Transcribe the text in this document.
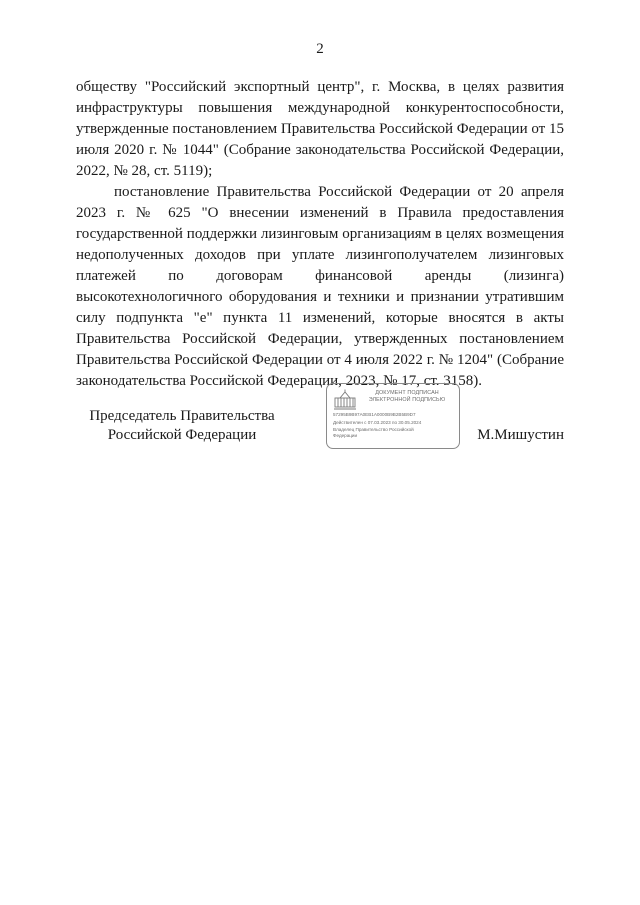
2

обществу "Российский экспортный центр", г. Москва, в целях развития инфраструктуры повышения международной конкурентоспособности, утвержденные постановлением Правительства Российской Федерации от 15 июля 2020 г. № 1044" (Собрание законодательства Российской Федерации, 2022, № 28, ст. 5119);

постановление Правительства Российской Федерации от 20 апреля 2023 г. № 625 "О внесении изменений в Правила предоставления государственной поддержки лизинговым организациям в целях возмещения недополученных доходов при уплате лизингополучателем лизинговых платежей по договорам финансовой аренды (лизинга) высокотехнологичного оборудования и техники и признании утратившим силу подпункта "е" пункта 11 изменений, которые вносятся в акты Правительства Российской Федерации, утвержденных постановлением Правительства Российской Федерации от 4 июля 2022 г. № 1204" (Собрание законодательства Российской Федерации, 2023, № 17, ст. 3158).

Председатель Правительства
Российской Федерации
ДОКУМЕНТ ПОДПИСАН
ЭЛЕКТРОННОЙ ПОДПИСЬЮ
57295B9B97A0EB1A0000B9B2B5B9D7
Действителен с 07.03.2023 по 30.05.2024
Владелец Правительство Российской
Федерации	М.Мишустин
